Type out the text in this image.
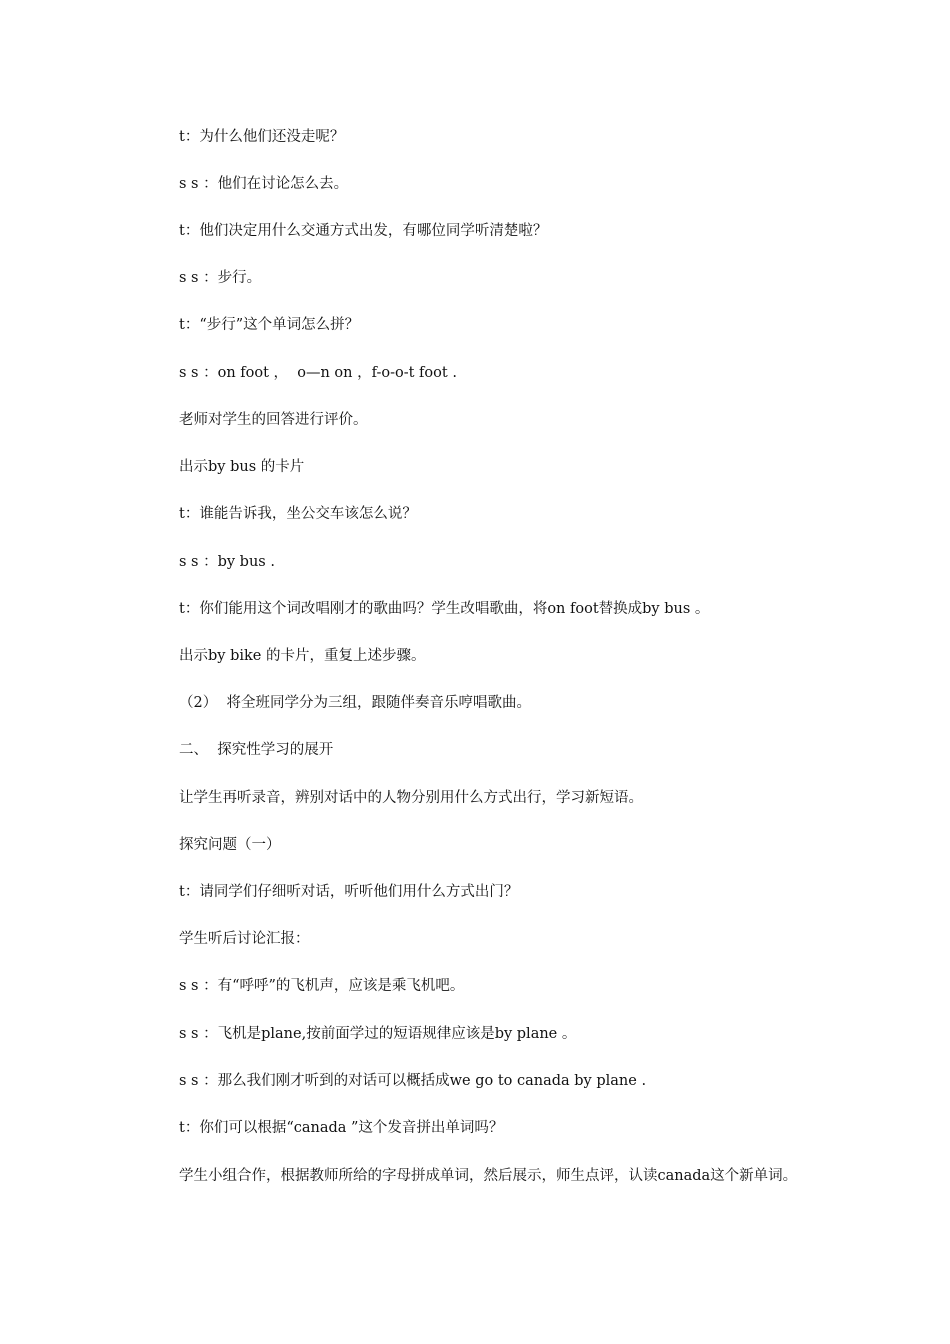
t：为什么他们还没走呢？
s s ：他们在讨论怎么去。
t：他们决定用什么交通方式出发，有哪位同学听清楚啦？
s s ：步行。
t：“步行”这个单词怎么拼？
s s ：on foot ，  o—n on ，f-o-o-t foot .
老师对学生的回答进行评价。
出示by bus 的卡片
t：谁能告诉我，坐公交车该怎么说？
s s ：by bus .
t：你们能用这个词改唱刚才的歌曲吗？学生改唱歌曲，将on foot替换成by bus 。
出示by bike 的卡片，重复上述步骤。
（2）  将全班同学分为三组，跟随伴奏音乐哼唱歌曲。
二、  探究性学习的展开
让学生再听录音，辨别对话中的人物分别用什么方式出行，学习新短语。
探究问题（一）
t：请同学们仔细听对话，听听他们用什么方式出门？
学生听后讨论汇报：
s s ：有“呼呼”的飞机声，应该是乘飞机吧。
s s ：飞机是plane,按前面学过的短语规律应该是by plane 。
s s ：那么我们刚才听到的对话可以概括成we go to canada by plane .
t：你们可以根据“canada ”这个发音拼出单词吗？
学生小组合作，根据教师所给的字母拼成单词，然后展示，师生点评，认读canada这个新单词。
